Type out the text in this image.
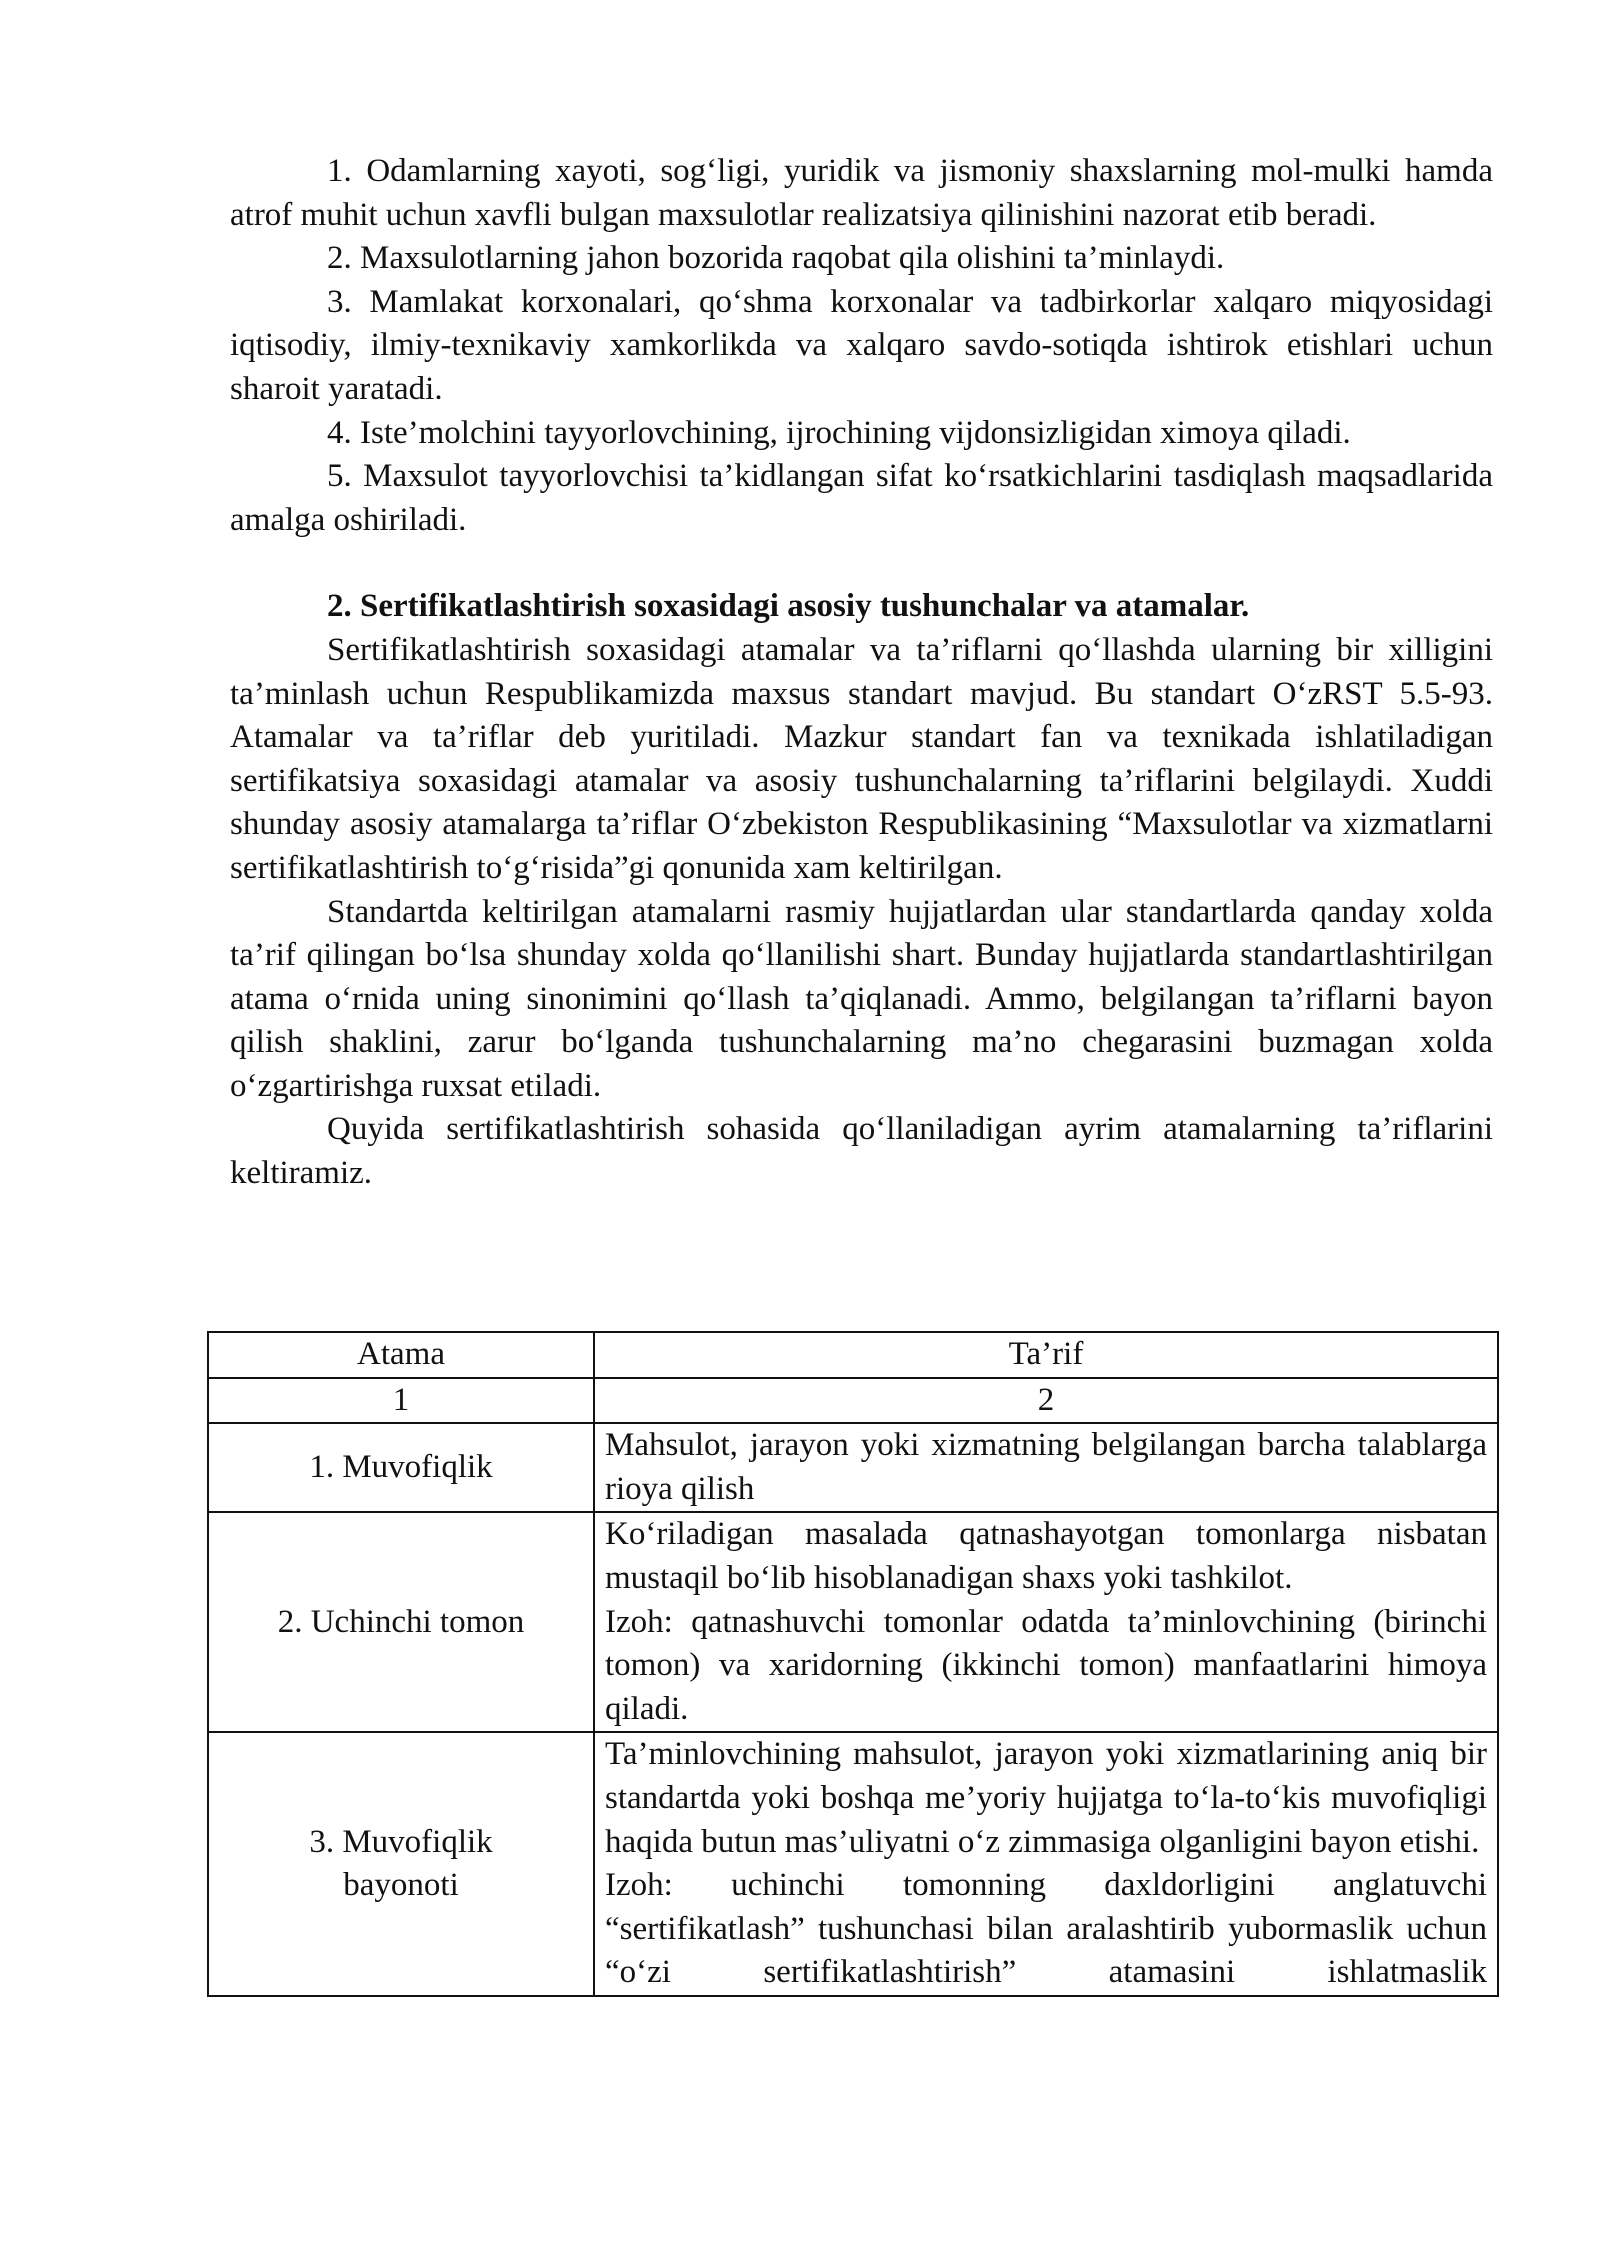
1. Odamlarning xayoti, sog‘ligi, yuridik va jismoniy shaxslarning mol-mulki hamda atrof muhit uchun xavfli bulgan maxsulotlar realizatsiya qilinishini nazorat etib beradi.

2. Maxsulotlarning jahon bozorida raqobat qila olishini ta’minlaydi.

3. Mamlakat korxonalari, qo‘shma korxonalar va tadbirkorlar xalqaro miqyosidagi iqtisodiy, ilmiy-texnikaviy xamkorlikda va xalqaro savdo-sotiqda ishtirok etishlari uchun sharoit yaratadi.

4. Iste’molchini tayyorlovchining, ijrochining vijdonsizligidan ximoya qiladi.

5. Maxsulot tayyorlovchisi ta’kidlangan sifat ko‘rsatkichlarini tasdiqlash maqsadlarida amalga oshiriladi.

2. Sertifikatlashtirish soxasidagi asosiy tushunchalar va atamalar.

Sertifikatlashtirish soxasidagi atamalar va ta’riflarni qo‘llashda ularning bir xilligini ta’minlash uchun Respublikamizda maxsus standart mavjud. Bu standart O‘zRST 5.5-93. Atamalar va ta’riflar deb yuritiladi. Mazkur standart fan va texnikada ishlatiladigan sertifikatsiya soxasidagi atamalar va asosiy tushunchalarning ta’riflarini belgilaydi. Xuddi shunday asosiy atamalarga ta’riflar O‘zbekiston Respublikasining “Maxsulotlar va xizmatlarni sertifikatlashtirish to‘g‘risida”gi qonunida xam keltirilgan.

Standartda keltirilgan atamalarni rasmiy hujjatlardan ular standartlarda qanday xolda ta’rif qilingan bo‘lsa shunday xolda qo‘llanilishi shart. Bunday hujjatlarda standartlashtirilgan atama o‘rnida uning sinonimini qo‘llash ta’qiqlanadi. Ammo, belgilangan ta’riflarni bayon qilish shaklini, zarur bo‘lganda tushunchalarning ma’no chegarasini buzmagan xolda o‘zgartirishga ruxsat etiladi.

Quyida sertifikatlashtirish sohasida qo‘llaniladigan ayrim atamalarning ta’riflarini keltiramiz.

Atama	Ta’rif
1	2
1. Muvofiqlik	Mahsulot, jarayon yoki xizmatning belgilangan barcha talablarga rioya qilish

2. Uchinchi tomon	Ko‘riladigan masalada qatnashayotgan tomonlarga nisbatan mustaqil bo‘lib hisoblanadigan shaxs yoki tashkilot.
Izoh: qatnashuvchi tomonlar odatda ta’minlovchining (birinchi tomon) va xaridorning (ikkinchi tomon) manfaatlarini himoya qiladi.

3. Muvofiqlik bayonoti	Ta’minlovchining mahsulot, jarayon yoki xizmatlarining aniq bir standartda yoki boshqa me’yoriy hujjatga to‘la-to‘kis muvofiqligi haqida butun mas’uliyatni o‘z zimmasiga olganligini bayon etishi.
Izoh: uchinchi tomonning daxldorligini anglatuvchi “sertifikatlash” tushunchasi bilan aralashtirib yubormaslik uchun “o‘zi sertifikatlashtirish” atamasini ishlatmaslik
